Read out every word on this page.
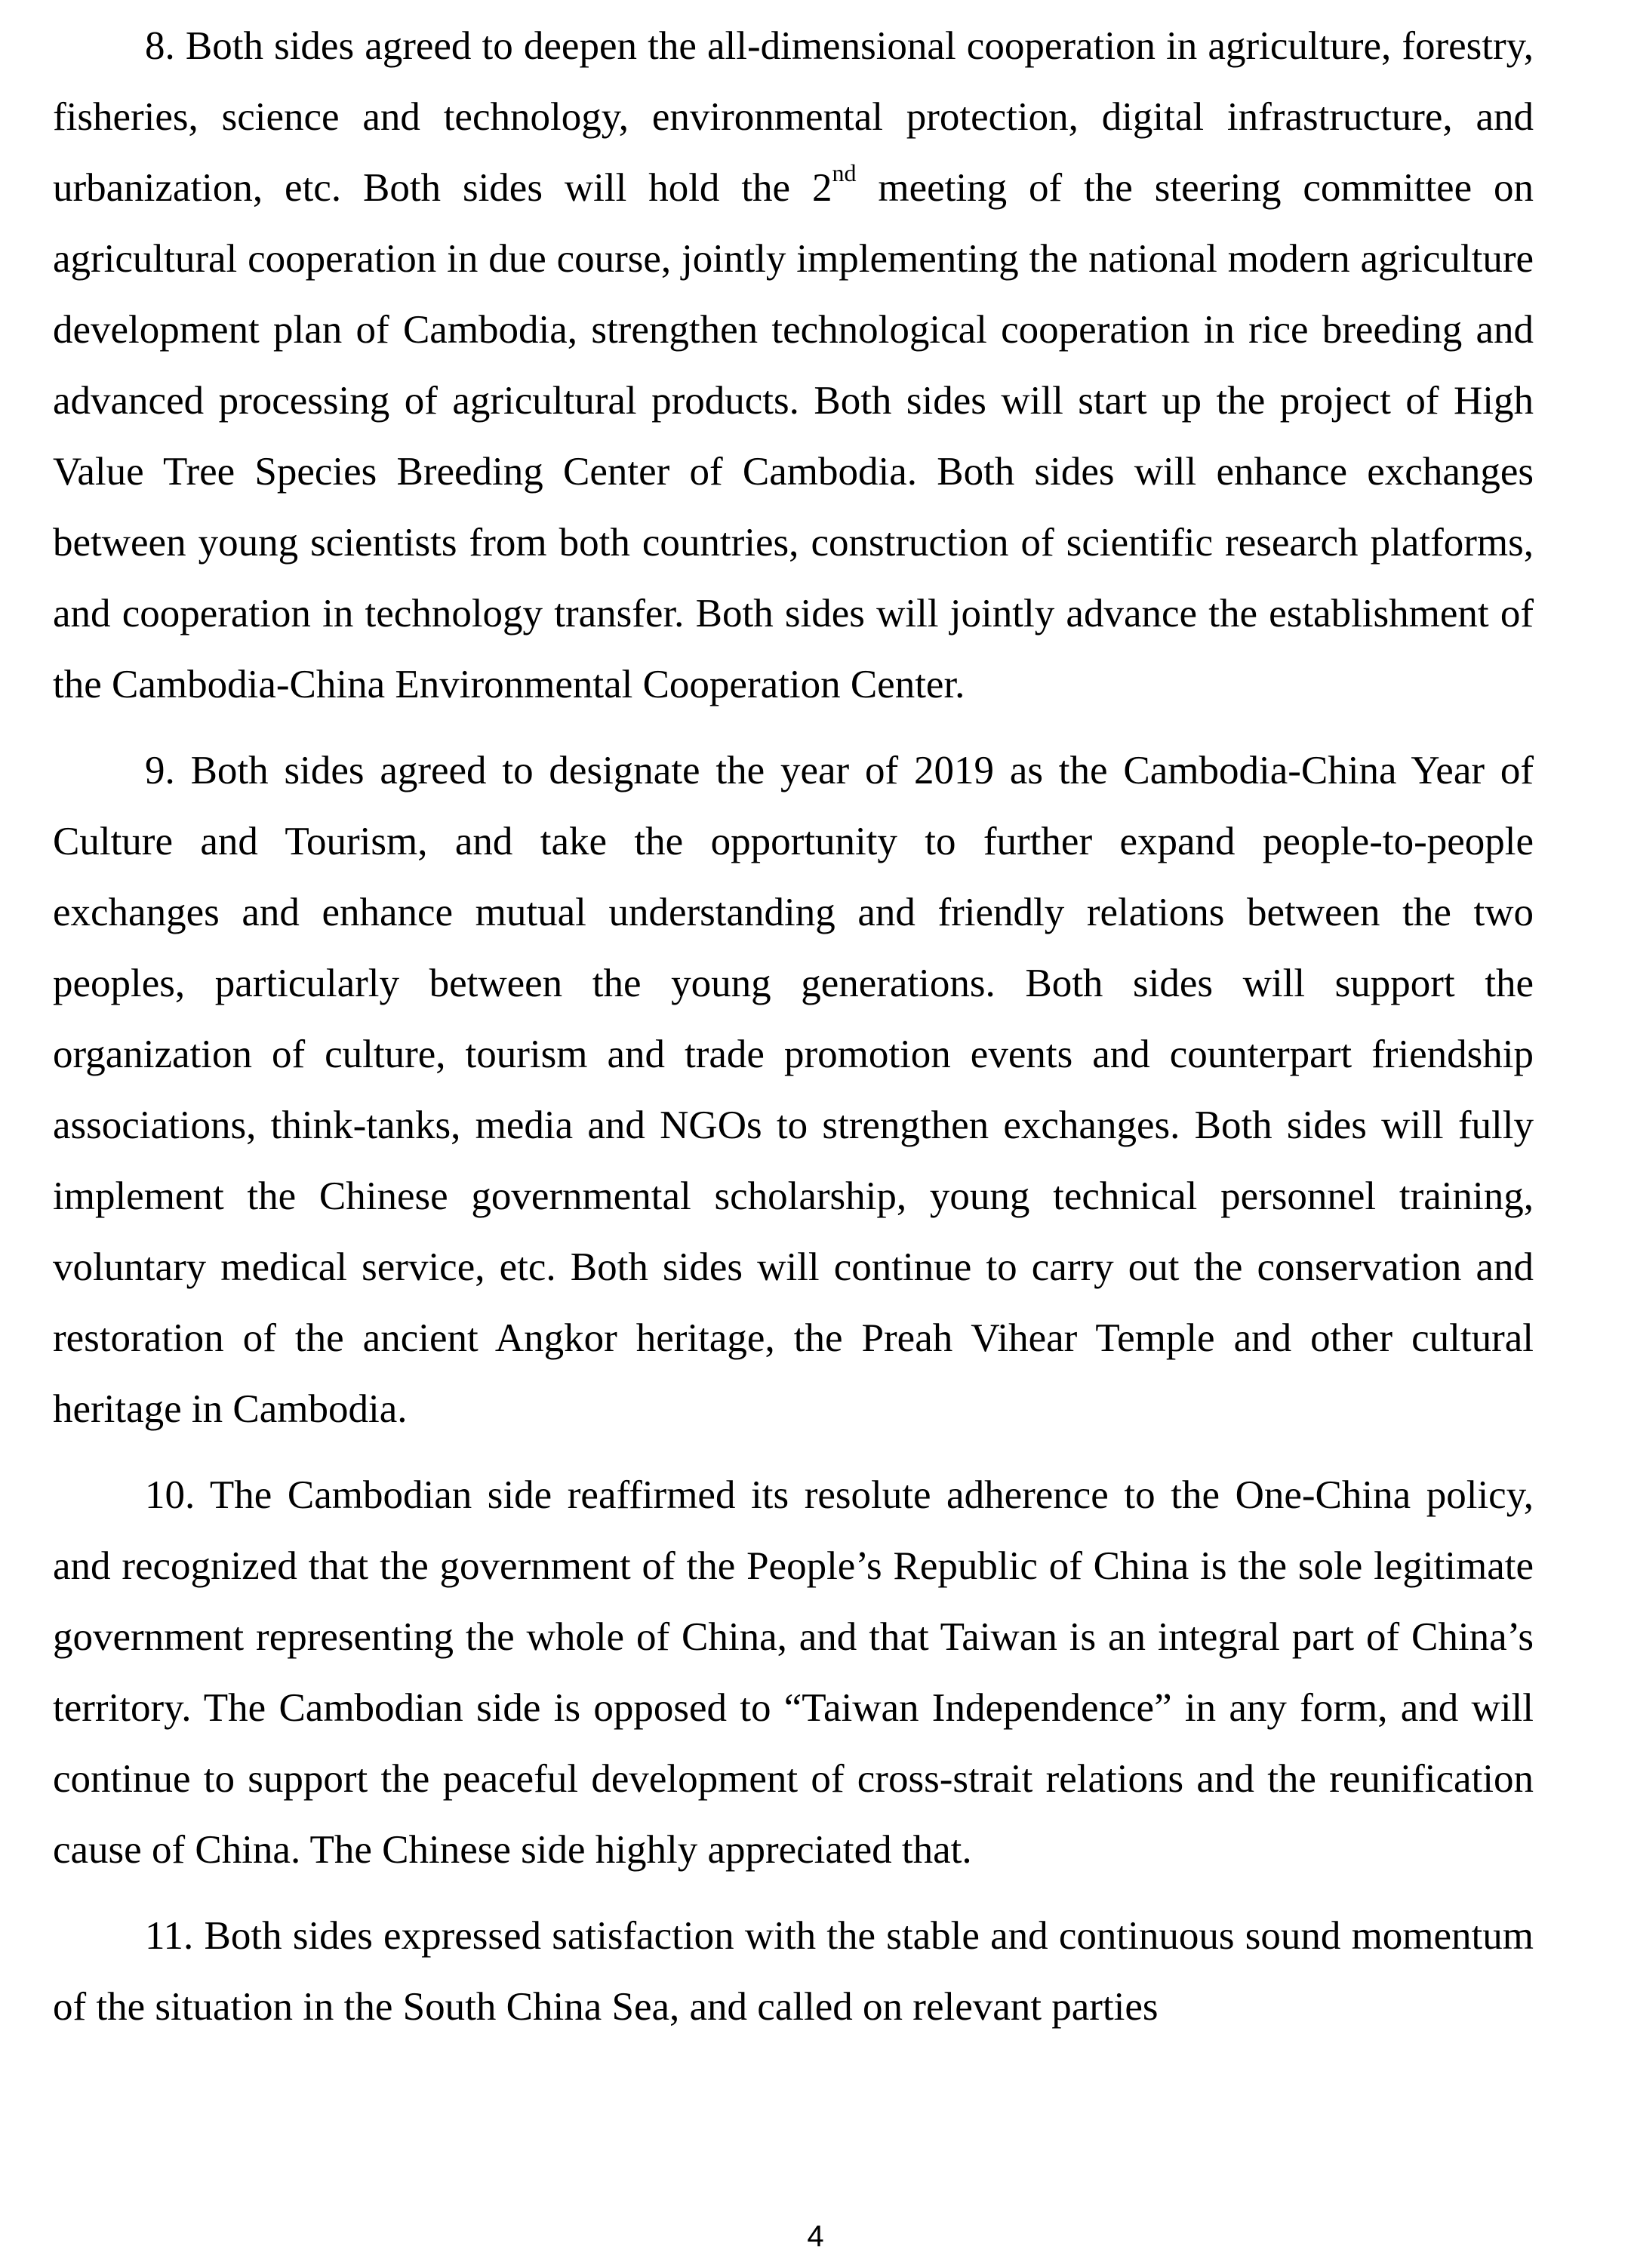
8. Both sides agreed to deepen the all-dimensional cooperation in agriculture, forestry, fisheries, science and technology, environmental protection, digital infrastructure, and urbanization, etc. Both sides will hold the 2nd meeting of the steering committee on agricultural cooperation in due course, jointly implementing the national modern agriculture development plan of Cambodia, strengthen technological cooperation in rice breeding and advanced processing of agricultural products. Both sides will start up the project of High Value Tree Species Breeding Center of Cambodia. Both sides will enhance exchanges between young scientists from both countries, construction of scientific research platforms, and cooperation in technology transfer. Both sides will jointly advance the establishment of the Cambodia-China Environmental Cooperation Center.

9. Both sides agreed to designate the year of 2019 as the Cambodia-China Year of Culture and Tourism, and take the opportunity to further expand people-to-people exchanges and enhance mutual understanding and friendly relations between the two peoples, particularly between the young generations. Both sides will support the organization of culture, tourism and trade promotion events and counterpart friendship associations, think-tanks, media and NGOs to strengthen exchanges. Both sides will fully implement the Chinese governmental scholarship, young technical personnel training, voluntary medical service, etc. Both sides will continue to carry out the conservation and restoration of the ancient Angkor heritage, the Preah Vihear Temple and other cultural heritage in Cambodia.

10. The Cambodian side reaffirmed its resolute adherence to the One-China policy, and recognized that the government of the People’s Republic of China is the sole legitimate government representing the whole of China, and that Taiwan is an integral part of China’s territory. The Cambodian side is opposed to “Taiwan Independence” in any form, and will continue to support the peaceful development of cross-strait relations and the reunification cause of China. The Chinese side highly appreciated that.

11. Both sides expressed satisfaction with the stable and continuous sound momentum of the situation in the South China Sea, and called on relevant parties

4
